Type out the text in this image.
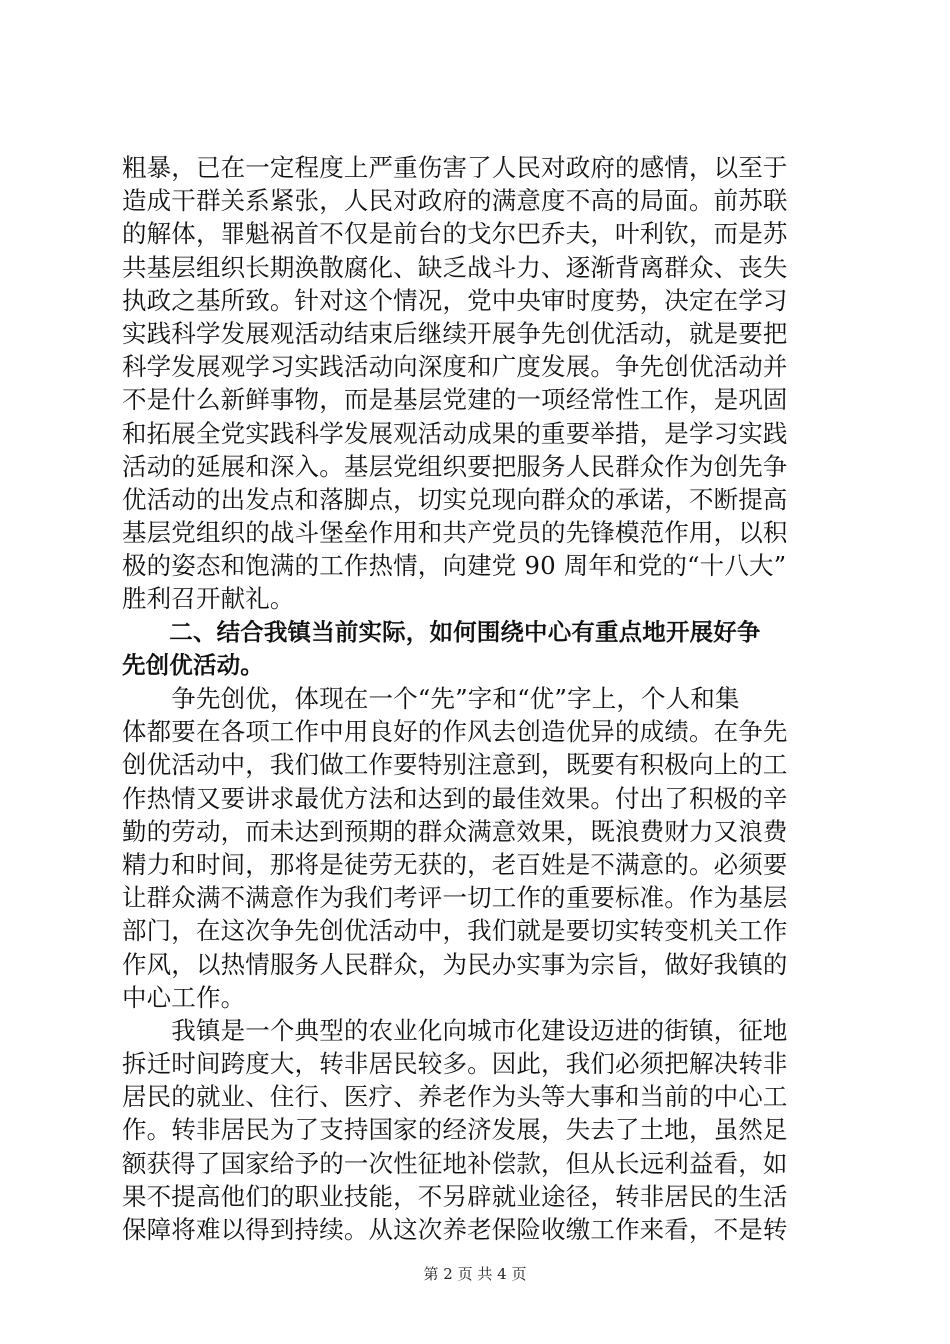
粗暴，已在一定程度上严重伤害了人民对政府的感情，以至于
造成干群关系紧张，人民对政府的满意度不高的局面。前苏联
的解体，罪魁祸首不仅是前台的戈尔巴乔夫，叶利钦，而是苏
共基层组织长期涣散腐化、缺乏战斗力、逐渐背离群众、丧失
执政之基所致。针对这个情况，党中央审时度势，决定在学习
实践科学发展观活动结束后继续开展争先创优活动，就是要把
科学发展观学习实践活动向深度和广度发展。争先创优活动并
不是什么新鲜事物，而是基层党建的一项经常性工作，是巩固
和拓展全党实践科学发展观活动成果的重要举措，是学习实践
活动的延展和深入。基层党组织要把服务人民群众作为创先争
优活动的出发点和落脚点，切实兑现向群众的承诺，不断提高
基层党组织的战斗堡垒作用和共产党员的先锋模范作用，以积
极的姿态和饱满的工作热情，向建党 90 周年和党的“十八大”
胜利召开献礼。
　　二、结合我镇当前实际，如何围绕中心有重点地开展好争
先创优活动。
　　争先创优，体现在一个“先”字和“优”字上，个人和集
体都要在各项工作中用良好的作风去创造优异的成绩。在争先
创优活动中，我们做工作要特别注意到，既要有积极向上的工
作热情又要讲求最优方法和达到的最佳效果。付出了积极的辛
勤的劳动，而未达到预期的群众满意效果，既浪费财力又浪费
精力和时间，那将是徒劳无获的，老百姓是不满意的。必须要
让群众满不满意作为我们考评一切工作的重要标准。作为基层
部门，在这次争先创优活动中，我们就是要切实转变机关工作
作风，以热情服务人民群众，为民办实事为宗旨，做好我镇的
中心工作。
　　我镇是一个典型的农业化向城市化建设迈进的街镇，征地
拆迁时间跨度大，转非居民较多。因此，我们必须把解决转非
居民的就业、住行、医疗、养老作为头等大事和当前的中心工
作。转非居民为了支持国家的经济发展，失去了土地，虽然足
额获得了国家给予的一次性征地补偿款，但从长远利益看，如
果不提高他们的职业技能，不另辟就业途径，转非居民的生活
保障将难以得到持续。从这次养老保险收缴工作来看，不是转
第 2 页 共 4 页
